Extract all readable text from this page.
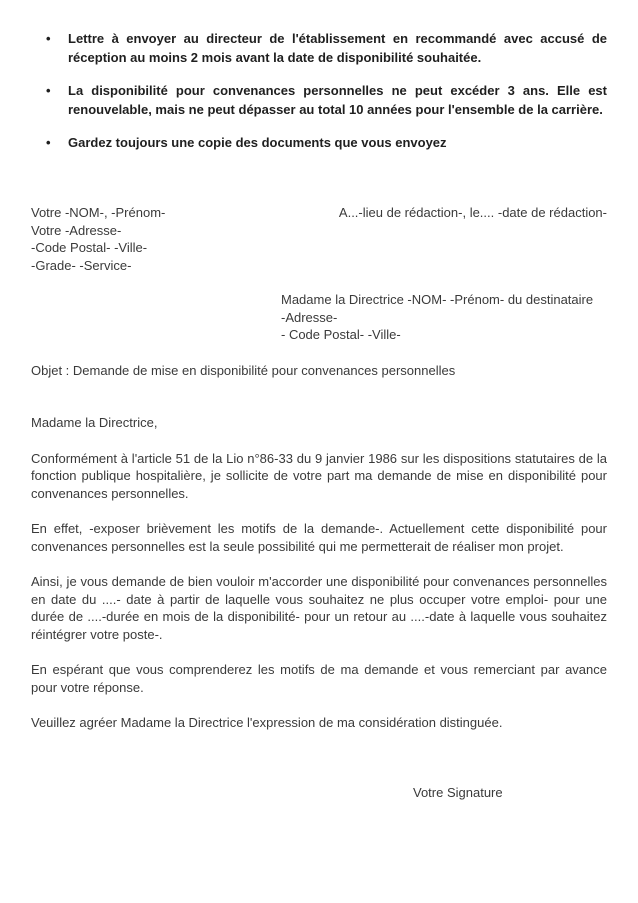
• Lettre à envoyer au directeur de l'établissement en recommandé avec accusé de réception au moins 2 mois avant la date de disponibilité souhaitée.
• La disponibilité pour convenances personnelles ne peut excéder 3 ans. Elle est renouvelable, mais ne peut dépasser au total 10 années pour l'ensemble de la carrière.
• Gardez toujours une copie des documents que vous envoyez
Votre -NOM-, -Prénom-
Votre -Adresse-
-Code Postal- -Ville-
-Grade- -Service-
A...-lieu de rédaction-, le.... -date de rédaction-
Madame la Directrice -NOM- -Prénom- du destinataire
-Adresse-
- Code Postal- -Ville-
Objet : Demande de mise en disponibilité pour convenances personnelles
Madame la Directrice,

Conformément à l'article 51 de la Lio n°86-33 du 9 janvier 1986 sur les dispositions statutaires de la fonction publique hospitalière, je sollicite de votre part ma demande de mise en disponibilité pour convenances personnelles.

En effet, -exposer brièvement les motifs de la demande-. Actuellement cette disponibilité pour convenances personnelles est la seule possibilité qui me permetterait de réaliser mon projet.

Ainsi, je vous demande de bien vouloir m'accorder une disponibilité pour convenances personnelles en date du ....- date à partir de laquelle vous souhaitez ne plus occuper votre emploi- pour une durée de ....-durée en mois de la disponibilité- pour un retour au ....-date à laquelle vous souhaitez réintégrer votre poste-.

En espérant que vous comprenderez les motifs de ma demande et vous remerciant par avance pour votre réponse.

Veuillez agréer Madame la Directrice l'expression de ma considération distinguée.

Votre Signature
